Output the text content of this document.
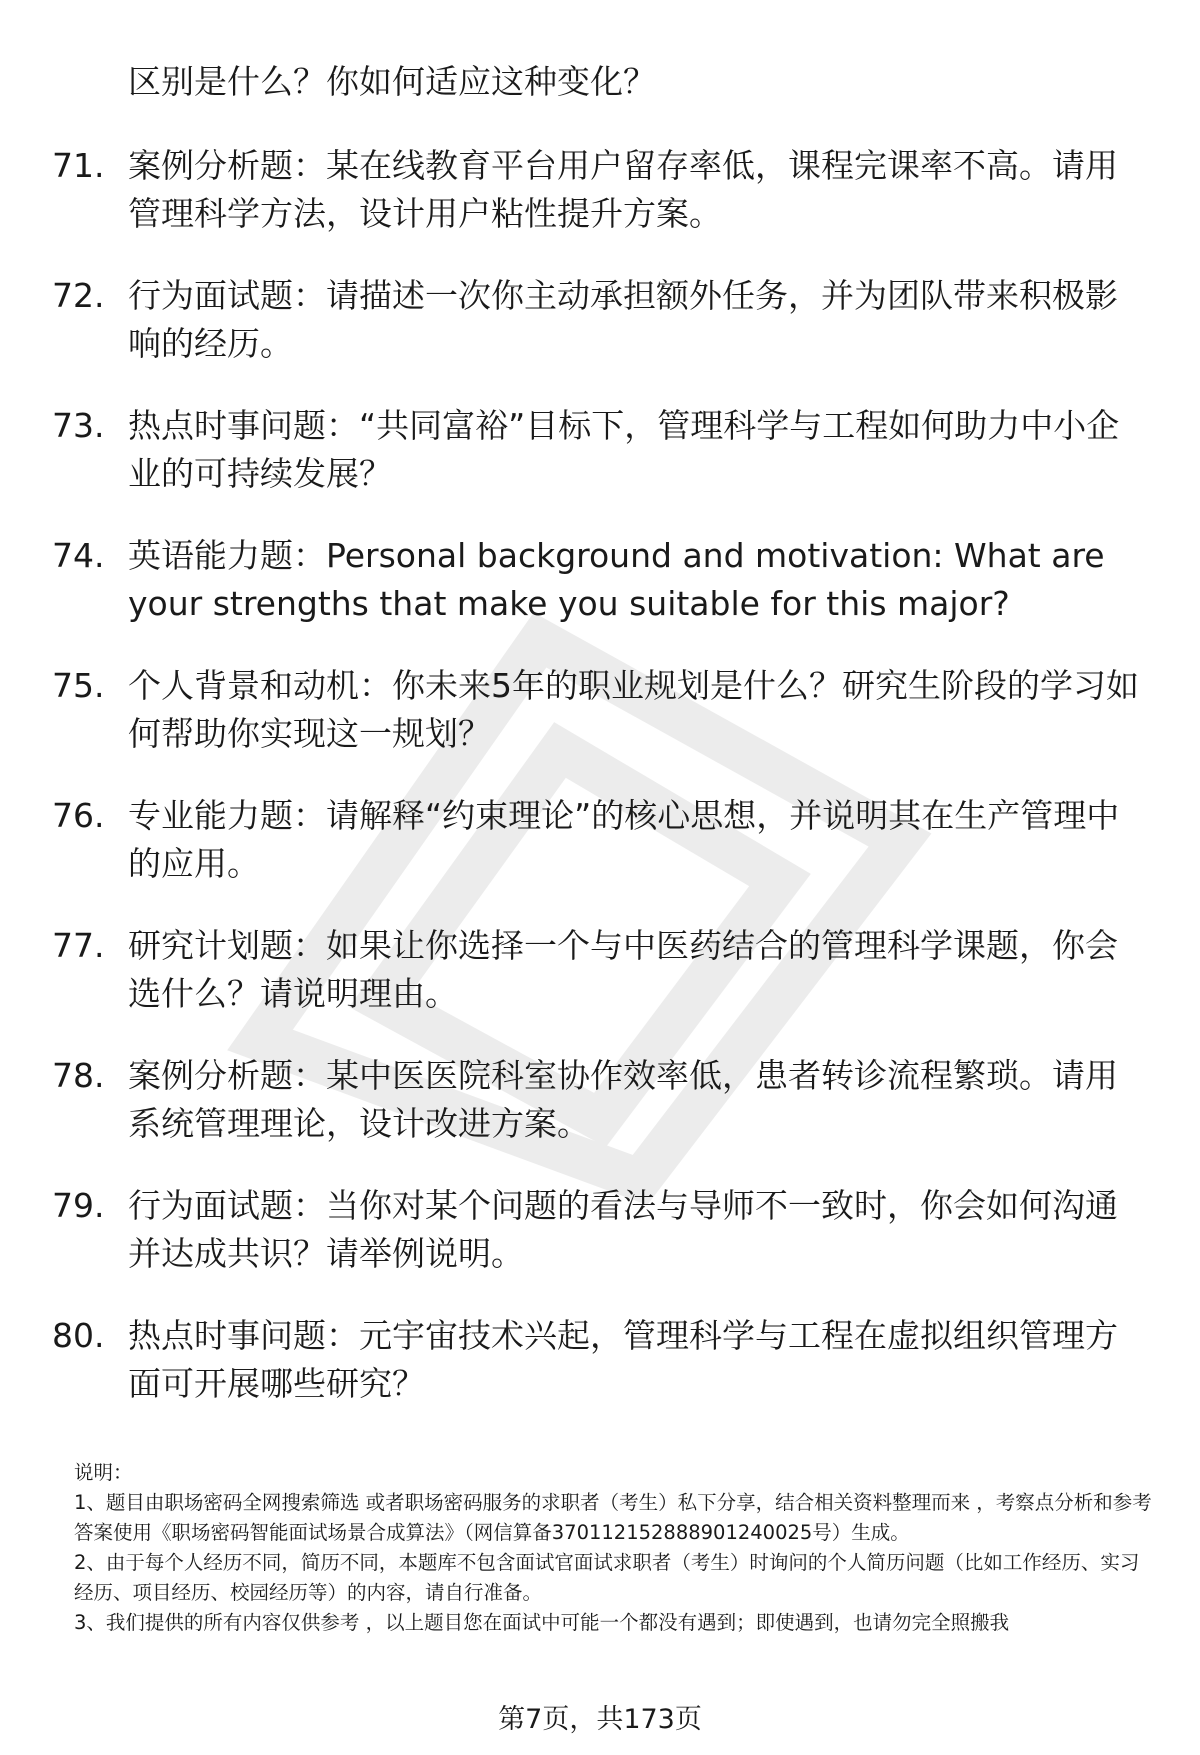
区别是什么？你如何适应这种变化？
71. 案例分析题：某在线教育平台用户留存率低，课程完课率不高。请用管理科学方法，设计用户粘性提升方案。
72. 行为面试题：请描述一次你主动承担额外任务，并为团队带来积极影响的经历。
73. 热点时事问题：“共同富裕”目标下，管理科学与工程如何助力中小企业的可持续发展？
74. 英语能力题：Personal background and motivation: What are your strengths that make you suitable for this major?
75. 个人背景和动机：你未来5年的职业规划是什么？研究生阶段的学习如何帮助你实现这一规划？
76. 专业能力题：请解释“约束理论”的核心思想，并说明其在生产管理中的应用。
77. 研究计划题：如果让你选择一个与中医药结合的管理科学课题，你会选什么？请说明理由。
78. 案例分析题：某中医医院科室协作效率低，患者转诊流程繁琐。请用系统管理理论，设计改进方案。
79. 行为面试题：当你对某个问题的看法与导师不一致时，你会如何沟通并达成共识？请举例说明。
80. 热点时事问题：元宇宙技术兴起，管理科学与工程在虚拟组织管理方面可开展哪些研究？

说明：

1、题目由职场密码全网搜索筛选 或者职场密码服务的求职者（考生）私下分享，结合相关资料整理而来 ，考察点分析和参考答案使用《职场密码智能面试场景合成算法》（网信算备370112152888901240025号）生成。

2、由于每个人经历不同，简历不同，本题库不包含面试官面试求职者（考生）时询问的个人简历问题（比如工作经历、实习经历、项目经历、校园经历等）的内容，请自行准备。

3、我们提供的所有内容仅供参考 ，以上题目您在面试中可能一个都没有遇到；即使遇到，也请勿完全照搬我

第7页，共173页
